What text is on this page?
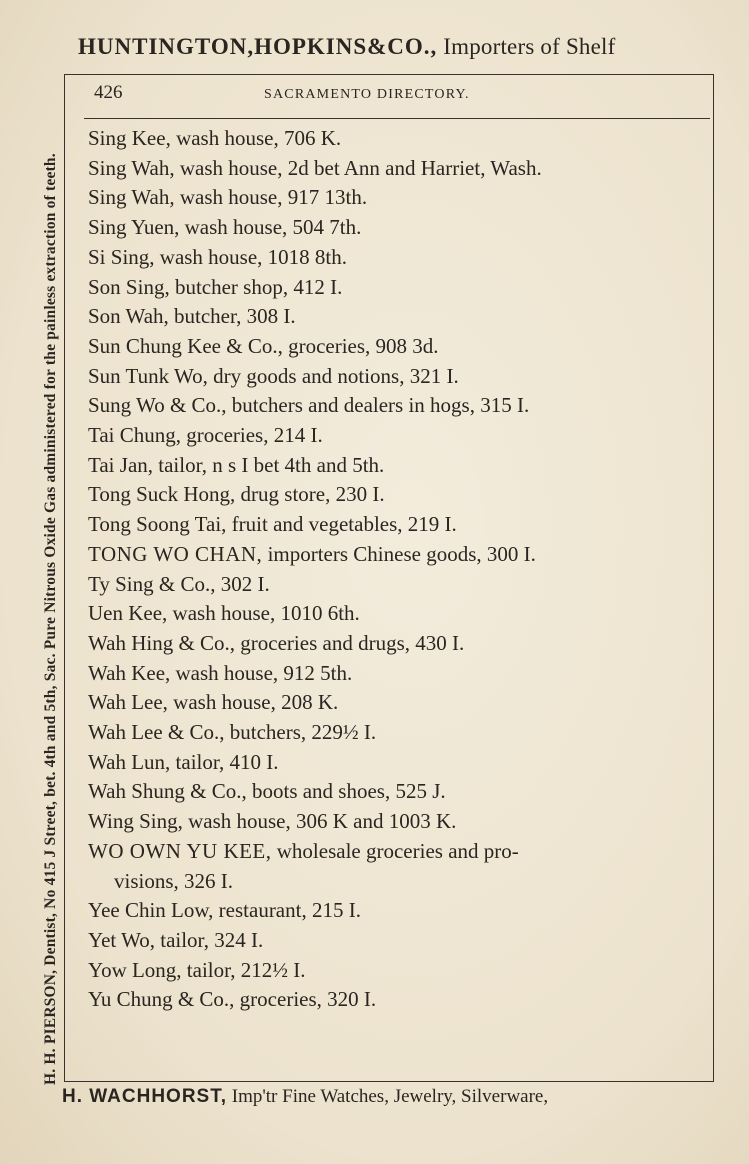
HUNTINGTON,HOPKINS&CO., Importers of Shelf
H. H. PIERSON, Dentist, No 415 J Street, bet. 4th and 5th, Sac. Pure Nitrous Oxide Gas administered for the painless extraction of teeth.
426	SACRAMENTO DIRECTORY.
Sing Kee, wash house, 706 K.
Sing Wah, wash house, 2d bet Ann and Harriet, Wash.
Sing Wah, wash house, 917 13th.
Sing Yuen, wash house, 504 7th.
Si Sing, wash house, 1018 8th.
Son Sing, butcher shop, 412 I.
Son Wah, butcher, 308 I.
Sun Chung Kee & Co., groceries, 908 3d.
Sun Tunk Wo, dry goods and notions, 321 I.
Sung Wo & Co., butchers and dealers in hogs, 315 I.
Tai Chung, groceries, 214 I.
Tai Jan, tailor, n s I bet 4th and 5th.
Tong Suck Hong, drug store, 230 I.
Tong Soong Tai, fruit and vegetables, 219 I.
TONG WO CHAN, importers Chinese goods, 300 I.
Ty Sing & Co., 302 I.
Uen Kee, wash house, 1010 6th.
Wah Hing & Co., groceries and drugs, 430 I.
Wah Kee, wash house, 912 5th.
Wah Lee, wash house, 208 K.
Wah Lee & Co., butchers, 229½ I.
Wah Lun, tailor, 410 I.
Wah Shung & Co., boots and shoes, 525 J.
Wing Sing, wash house, 306 K and 1003 K.
WO OWN YU KEE, wholesale groceries and pro-
visions, 326 I.
Yee Chin Low, restaurant, 215 I.
Yet Wo, tailor, 324 I.
Yow Long, tailor, 212½ I.
Yu Chung & Co., groceries, 320 I.
H. WACHHORST, Imp'tr Fine Watches, Jewelry, Silverware,
